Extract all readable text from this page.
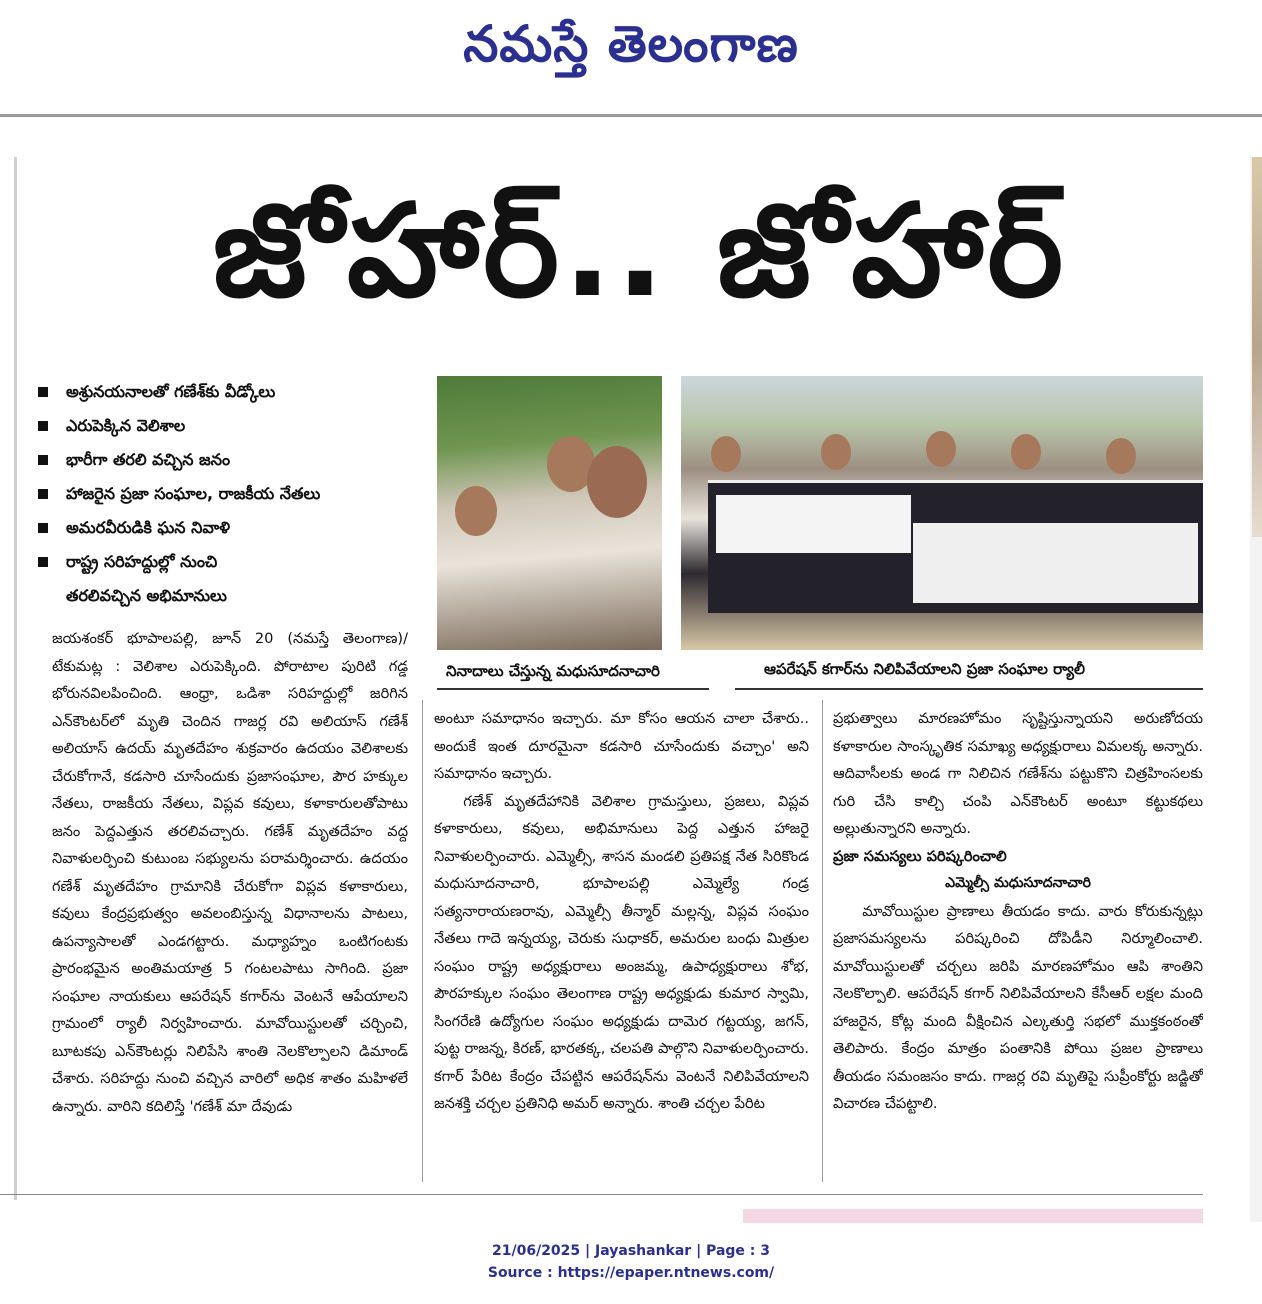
నమస్తే తెలంగాణ
జోహార్.. జోహార్
అశ్రునయనాలతో గణేశ్‌కు వీడ్కోలు
ఎరుపెక్కిన వెలిశాల
భారీగా తరలి వచ్చిన జనం
హాజరైన ప్రజా సంఘాల, రాజకీయ నేతలు
అమరవీరుడికి ఘన నివాళి
రాష్ట్ర సరిహద్దుల్లో నుంచి
తరలివచ్చిన అభిమానులు
నినాదాలు చేస్తున్న మధుసూదనాచారి	ఆపరేషన్ కగార్‌ను నిలిపివేయాలని ప్రజా సంఘాల ర్యాలీ

జయశంకర్ భూపాలపల్లి, జూన్ 20 (నమస్తే తెలంగాణ)/టేకుమట్ల : వెలిశాల ఎరుపెక్కింది. పోరాటాల పురిటి గడ్డ భోరునవిలపించింది. ఆంధ్రా, ఒడిశా సరిహద్దుల్లో జరిగిన ఎన్‌కౌంటర్‌లో మృతి చెందిన గాజర్ల రవి అలియాస్ గణేశ్ అలియాస్ ఉదయ్ మృతదేహం శుక్రవారం ఉదయం వెలిశాలకు చేరుకోగానే, కడసారి చూసేందుకు ప్రజాసంఘాల, పౌర హక్కుల నేతలు, రాజకీయ నేతలు, విప్లవ కవులు, కళాకారులతోపాటు జనం పెద్దఎత్తున తరలివచ్చారు. గణేశ్ మృతదేహం వద్ద నివాళులర్పించి కుటుంబ సభ్యులను పరామర్శించారు. ఉదయం గణేశ్ మృతదేహం గ్రామానికి చేరుకోగా విప్లవ కళాకారులు, కవులు కేంద్రప్రభుత్వం అవలంబిస్తున్న విధానాలను పాటలు, ఉపన్యాసాలతో ఎండగట్టారు. మధ్యాహ్నం ఒంటిగంటకు ప్రారంభమైన అంతిమయాత్ర 5 గంటలపాటు సాగింది. ప్రజా సంఘాల నాయకులు ఆపరేషన్ కగార్‌ను వెంటనే ఆపేయాలని గ్రామంలో ర్యాలీ నిర్వహించారు. మావోయిస్టులతో చర్చించి, బూటకపు ఎన్‌కౌంటర్లు నిలిపేసి శాంతి నెలకొల్పాలని డిమాండ్ చేశారు. సరిహద్దు నుంచి వచ్చిన వారిలో అధిక శాతం మహిళలే ఉన్నారు. వారిని కదిలిస్తే 'గణేశ్ మా దేవుడు

అంటూ సమాధానం ఇచ్చారు. మా కోసం ఆయన చాలా చేశారు.. అందుకే ఇంత దూరమైనా కడసారి చూసేందుకు వచ్చాం' అని సమాధానం ఇచ్చారు.

గణేశ్ మృతదేహానికి వెలిశాల గ్రామస్తులు, ప్రజలు, విప్లవ కళాకారులు, కవులు, అభిమానులు పెద్ద ఎత్తున హాజరై నివాళులర్పించారు. ఎమ్మెల్సీ, శాసన మండలి ప్రతిపక్ష నేత సిరికొండ మధుసూదనాచారి, భూపాలపల్లి ఎమ్మెల్యే గండ్ర సత్యనారాయణరావు, ఎమ్మెల్సీ తీన్మార్ మల్లన్న, విప్లవ సంఘం నేతలు గాదె ఇన్నయ్య, చెరుకు సుధాకర్, అమరుల బంధు మిత్రుల సంఘం రాష్ట్ర అధ్యక్షురాలు అంజమ్మ, ఉపాధ్యక్షురాలు శోభ, పౌరహక్కుల సంఘం తెలంగాణ రాష్ట్ర అధ్యక్షుడు కుమార స్వామి, సింగరేణి ఉద్యోగుల సంఘం అధ్యక్షుడు దామెర గట్టయ్య, జగన్, పుట్ట రాజన్న, కిరణ్, భారతక్క, చలపతి పాల్గొని నివాళులర్పించారు. కగార్ పేరిట కేంద్రం చేపట్టిన ఆపరేషన్‌ను వెంటనే నిలిపివేయాలని జనశక్తి చర్చల ప్రతినిధి అమర్ అన్నారు. శాంతి చర్చల పేరిట

ప్రభుత్వాలు మారణహోమం సృష్టిస్తున్నాయని అరుణోదయ కళాకారుల సాంస్కృతిక సమాఖ్య అధ్యక్షురాలు విమలక్క అన్నారు. ఆదివాసీలకు అండ గా నిలిచిన గణేశ్‌ను పట్టుకొని చిత్రహింసలకు గురి చేసి కాల్చి చంపి ఎన్‌కౌంటర్ అంటూ కట్టుకథలు అల్లుతున్నారని అన్నారు.

ప్రజా సమస్యలు పరిష్కరించాలి

ఎమ్మెల్సీ మధుసూదనాచారి

మావోయిస్టుల ప్రాణాలు తీయడం కాదు. వారు కోరుకున్నట్లు ప్రజాసమస్యలను పరిష్కరించి దోపిడీని నిర్మూలించాలి. మావోయిస్టులతో చర్చలు జరిపి మారణహోమం ఆపి శాంతిని నెలకొల్పాలి. ఆపరేషన్ కగార్ నిలిపివేయాలని కేసీఆర్ లక్షల మంది హాజరైన, కోట్ల మంది వీక్షించిన ఎల్కతుర్తి సభలో ముక్తకంఠంతో తెలిపారు. కేంద్రం మాత్రం పంతానికి పోయి ప్రజల ప్రాణాలు తీయడం సమంజసం కాదు. గాజర్ల రవి మృతిపై సుప్రీంకోర్టు జడ్జితో విచారణ చేపట్టాలి.

21/06/2025 | Jayashankar | Page : 3
Source : https://epaper.ntnews.com/
